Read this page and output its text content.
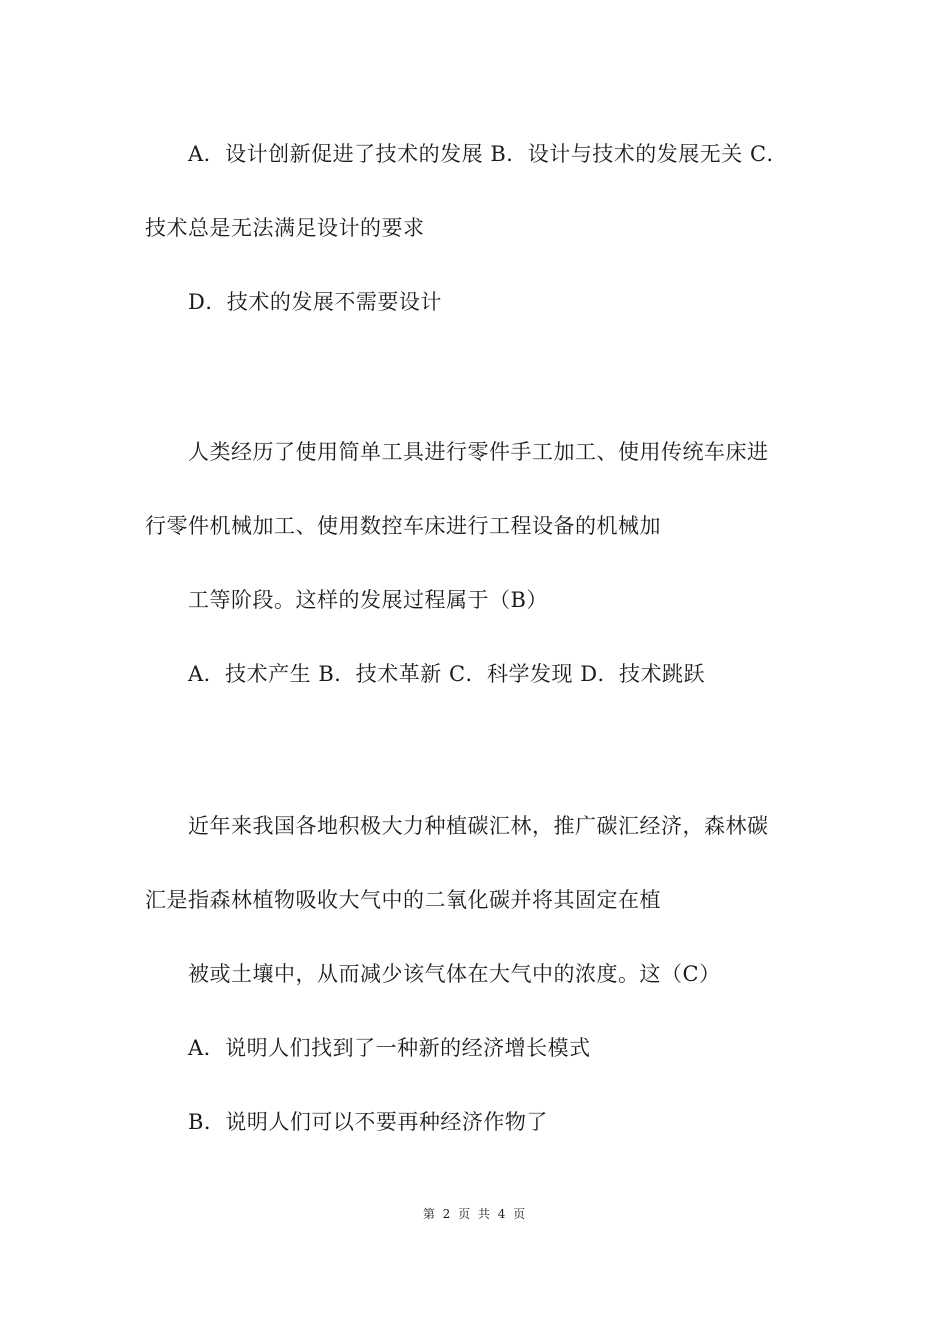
A．设计创新促进了技术的发展 B．设计与技术的发展无关 C．
技术总是无法满足设计的要求
D．技术的发展不需要设计
人类经历了使用简单工具进行零件手工加工、使用传统车床进
行零件机械加工、使用数控车床进行工程设备的机械加
工等阶段。这样的发展过程属于（B）
A．技术产生 B．技术革新 C．科学发现 D．技术跳跃
近年来我国各地积极大力种植碳汇林，推广碳汇经济，森林碳
汇是指森林植物吸收大气中的二氧化碳并将其固定在植
被或土壤中，从而减少该气体在大气中的浓度。这（C）
A．说明人们找到了一种新的经济增长模式
B．说明人们可以不要再种经济作物了
第 2 页 共 4 页
